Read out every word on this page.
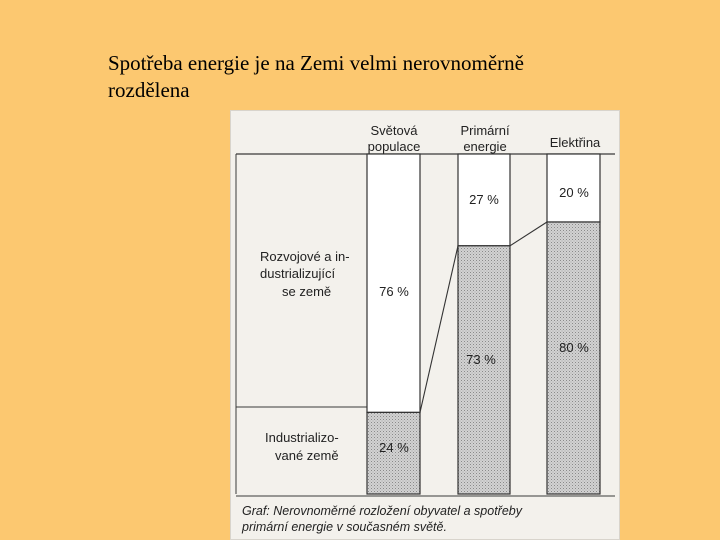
Spotřeba energie je na Zemi velmi nerovnoměrně
rozdělena
Světová
populace
Primární
energie	Elektřina
Rozvojové a in-
dustrializující
se země
Industrializo-
vané země
76 %
24 %
27 %
73 %
20 %
80 %
Graf: Nerovnoměrné rozložení obyvatel a spotřeby
primární energie v současném světě.
